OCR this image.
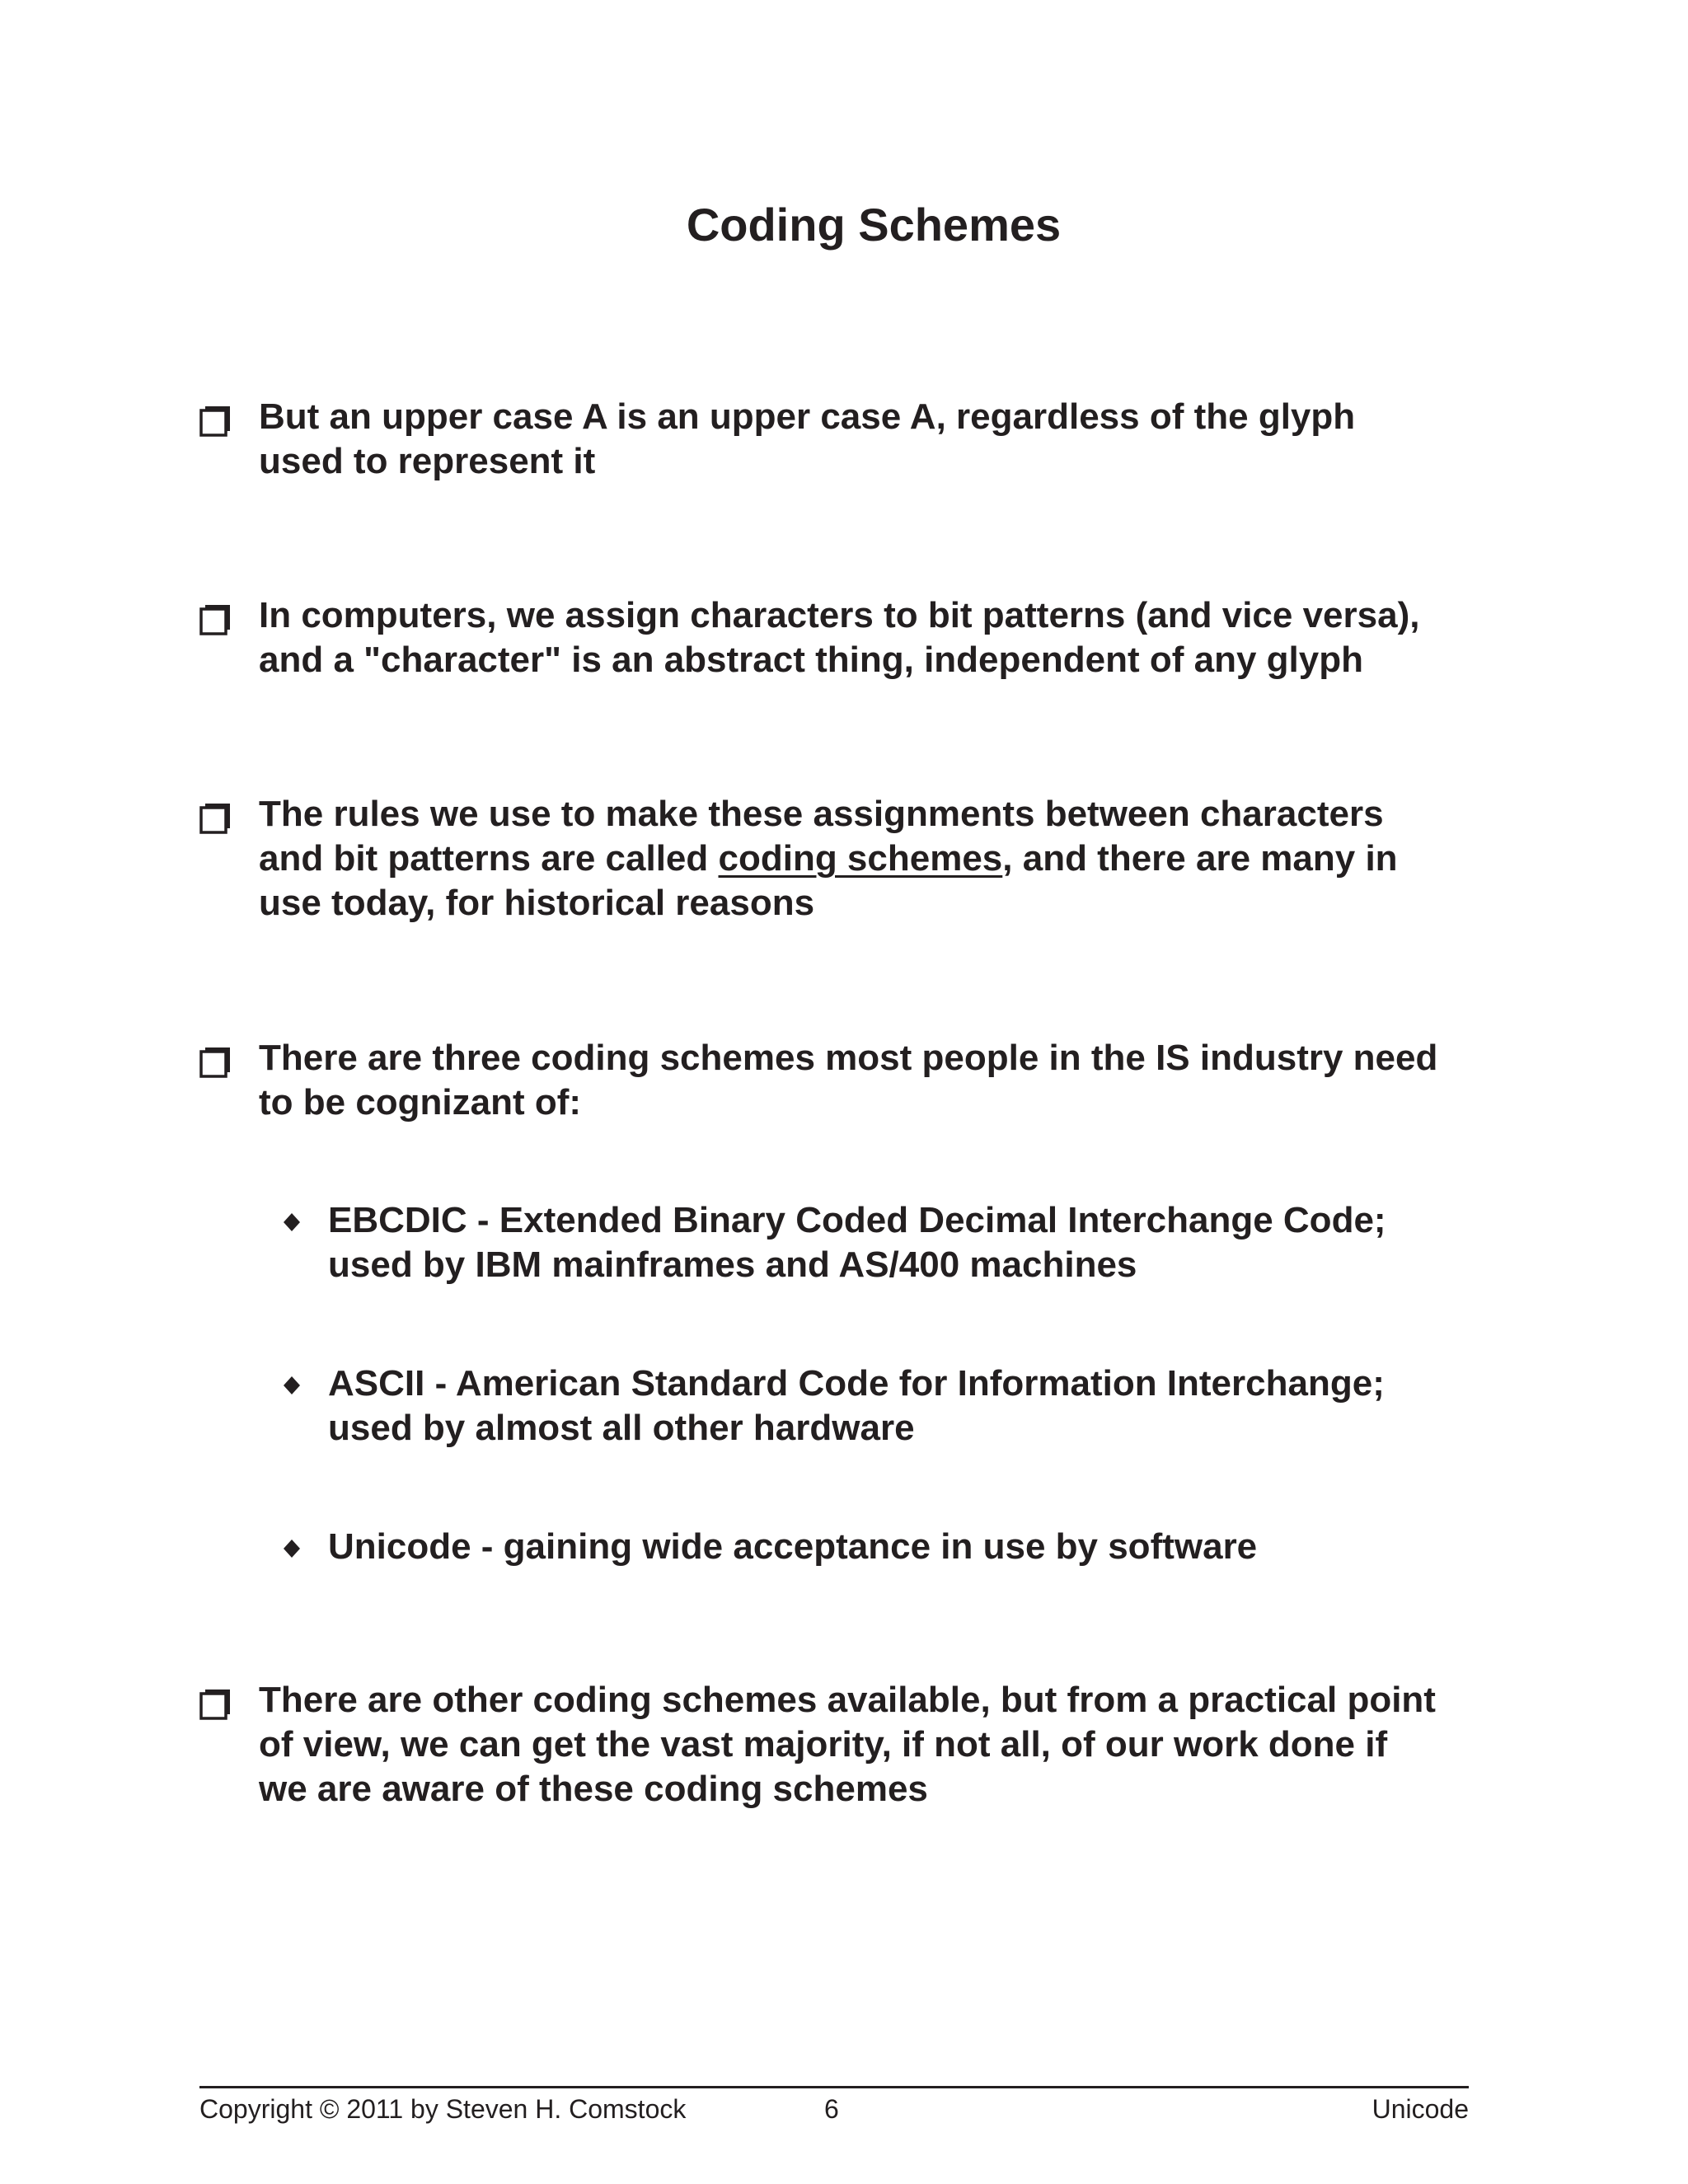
Coding Schemes
But an upper case A is an upper case A, regardless of the glyph
used to represent it
In computers, we assign characters to bit patterns (and vice versa),
and a "character" is an abstract thing, independent of any glyph
The rules we use to make these assignments between characters
and bit patterns are called coding schemes, and there are many in
use today, for historical reasons
There are three coding schemes most people in the IS industry need
to be cognizant of:
EBCDIC - Extended Binary Coded Decimal Interchange Code;
used by IBM mainframes and AS/400 machines
ASCII - American Standard Code for Information Interchange;
used by almost all other hardware
Unicode - gaining wide acceptance in use by software
There are other coding schemes available, but from a practical point
of view, we can get the vast majority, if not all, of our work done if
we are aware of these coding schemes
Copyright © 2011 by Steven H. Comstock	6	Unicode
